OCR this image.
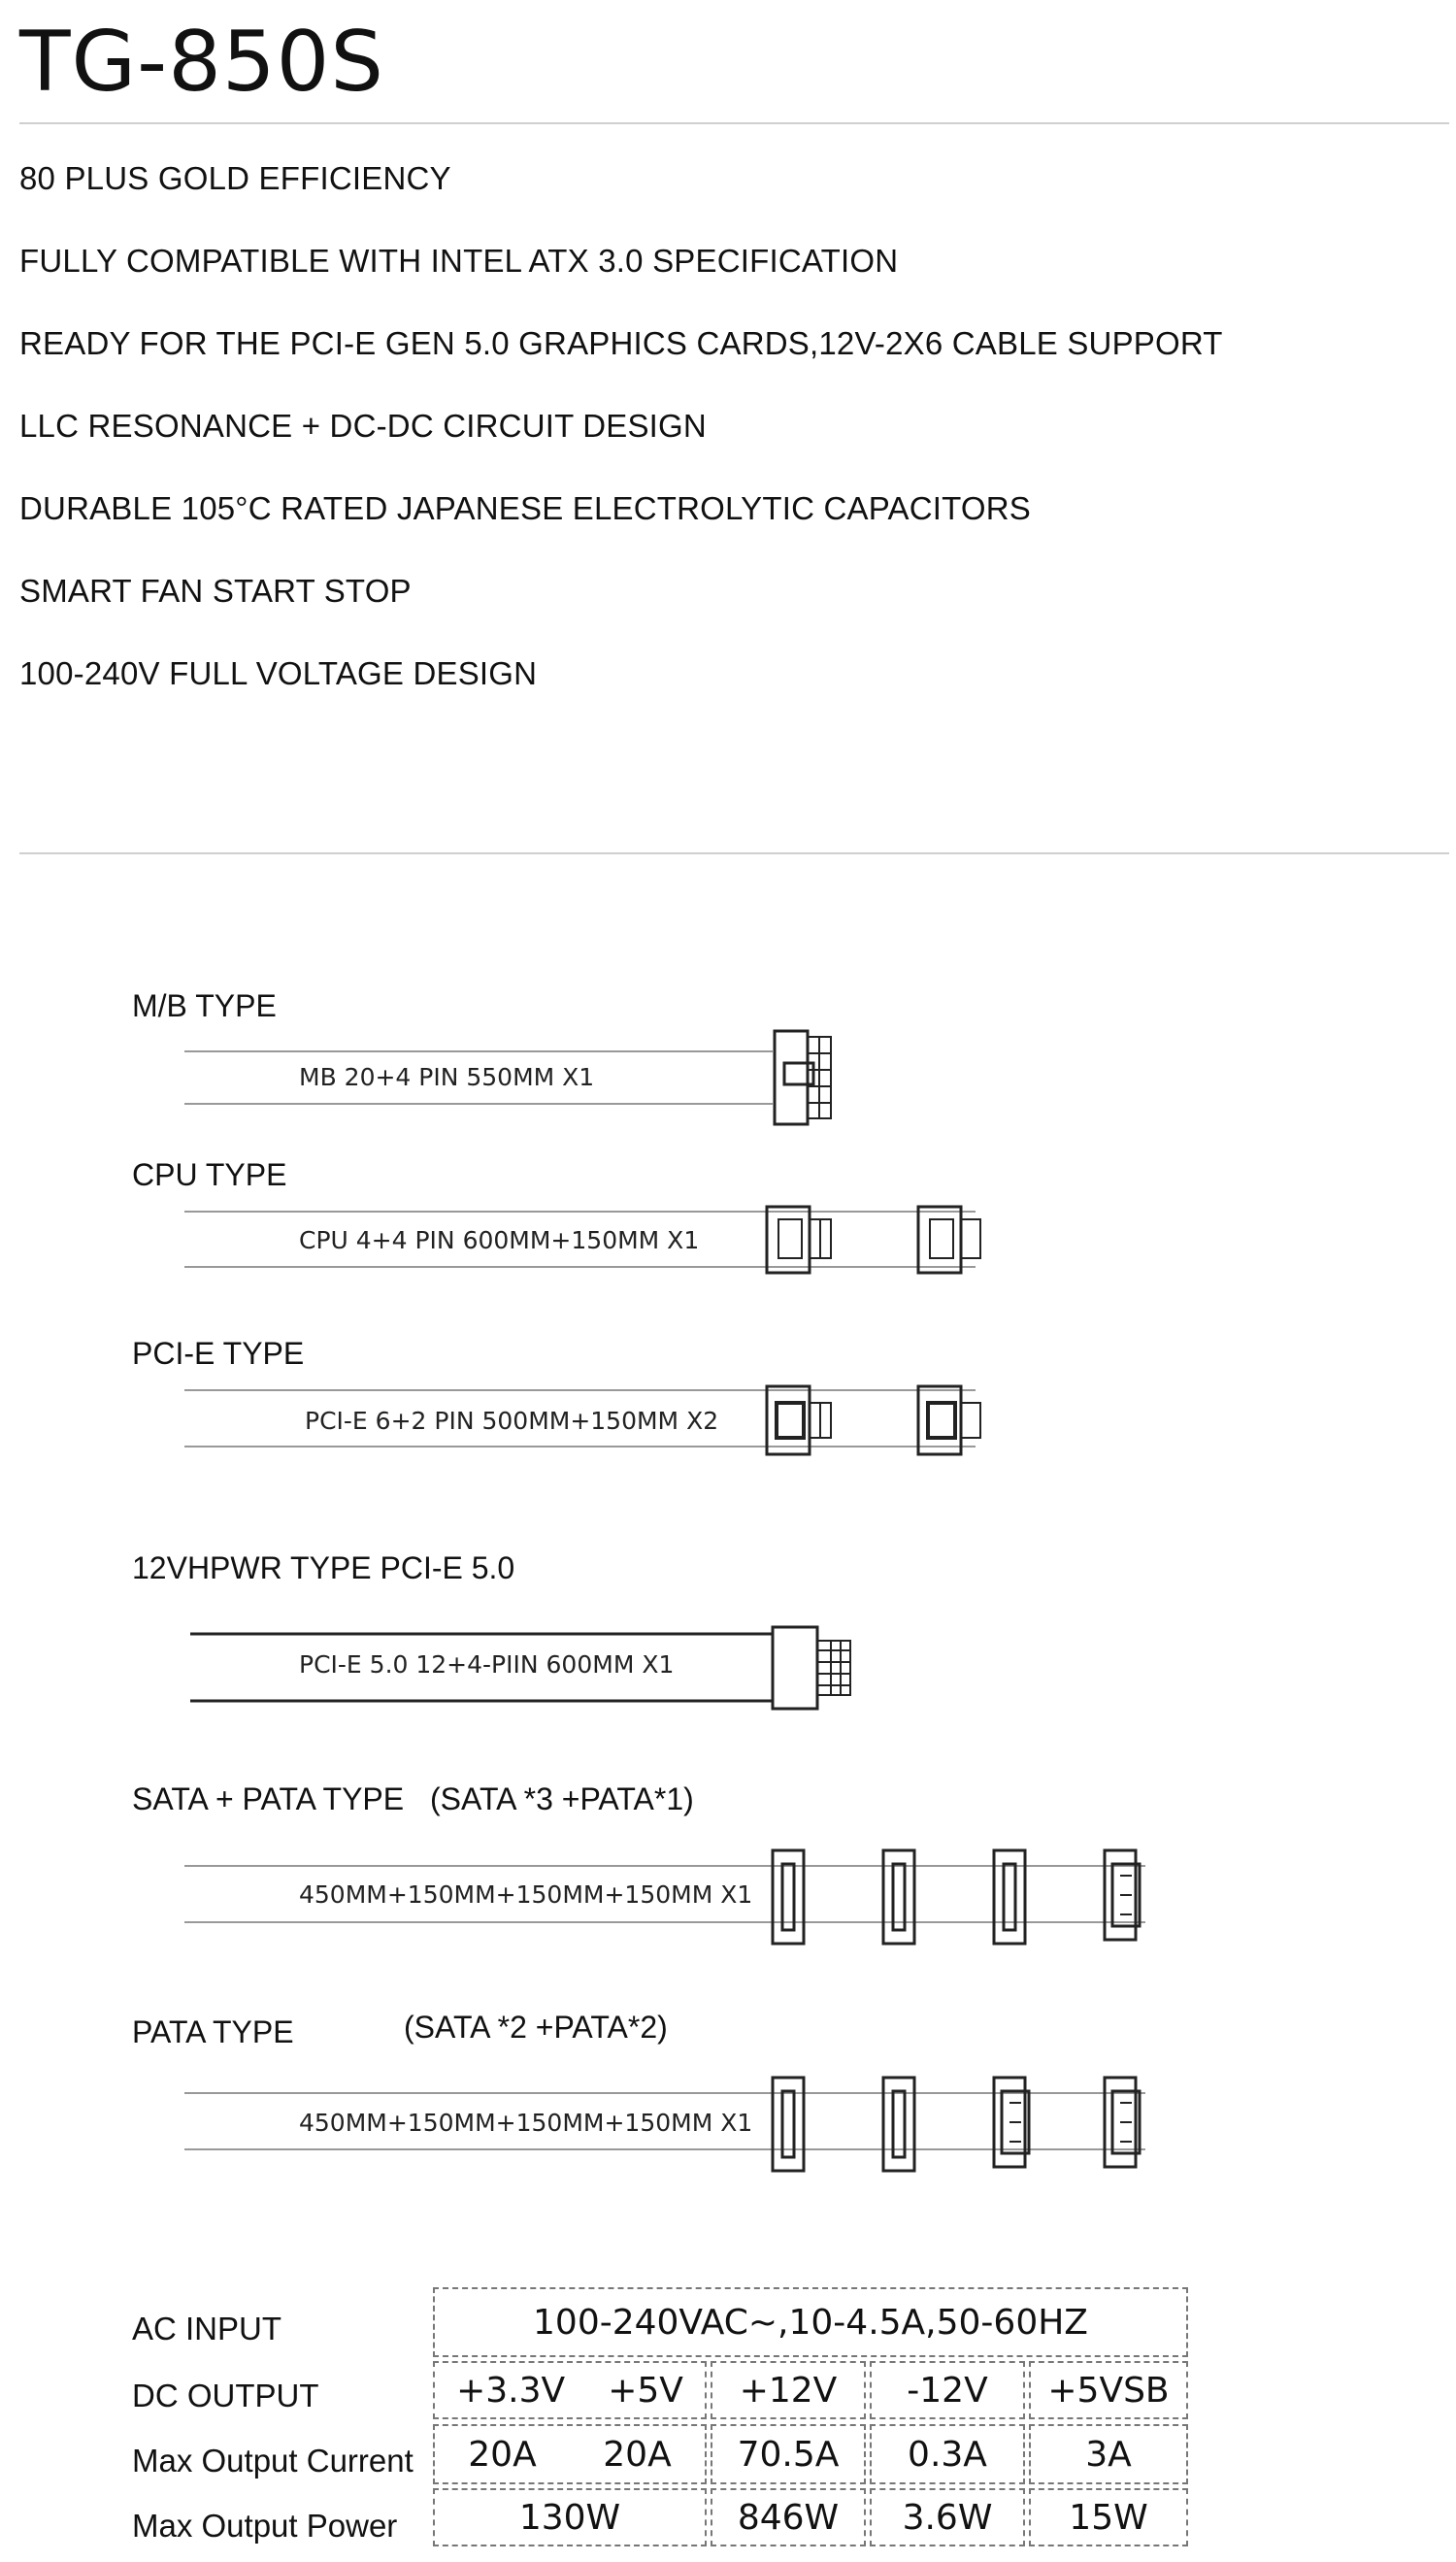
TG-850S
80 PLUS GOLD EFFICIENCY
FULLY COMPATIBLE WITH INTEL ATX 3.0 SPECIFICATION
READY FOR THE PCI-E GEN 5.0 GRAPHICS CARDS,12V-2X6 CABLE SUPPORT
LLC RESONANCE + DC-DC CIRCUIT DESIGN
DURABLE 105°C RATED JAPANESE ELECTROLYTIC CAPACITORS
SMART FAN START STOP
100-240V FULL VOLTAGE DESIGN
M/B TYPE
MB 20+4 PIN 550MM X1
CPU TYPE
CPU 4+4 PIN 600MM+150MM X1
PCI-E TYPE
PCI-E 6+2 PIN 500MM+150MM X2
12VHPWR TYPE PCI-E 5.0
PCI-E 5.0 12+4-PIIN 600MM X1
SATA + PATA TYPE (SATA *3 +PATA*1)
450MM+150MM+150MM+150MM X1
PATA TYPE	(SATA *2 +PATA*2)
450MM+150MM+150MM+150MM X1
AC INPUT	100-240VAC~,10-4.5A,50-60HZ
DC OUTPUT	+3.3V +5V	+12V	-12V	+5VSB
Max Output Current 20A 20A	70.5A	0.3A	3A
Max Output Power	130W	846W	3.6W	15W
